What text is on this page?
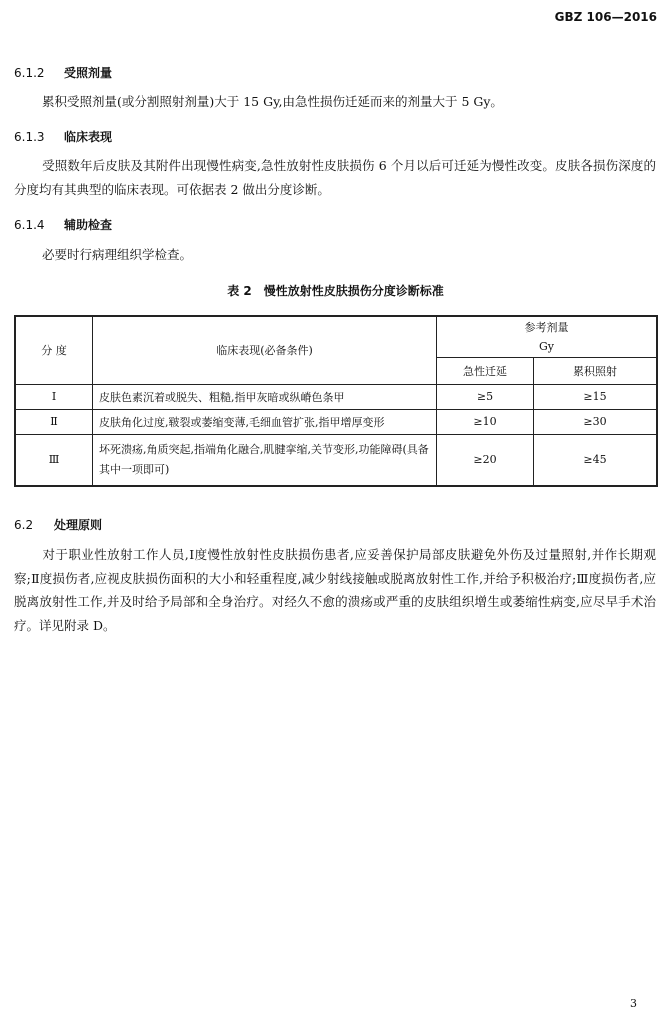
GBZ 106—2016
6.1.2 受照剂量
累积受照剂量(或分割照射剂量)大于 15 Gy,由急性损伤迁延而来的剂量大于 5 Gy。
6.1.3 临床表现
受照数年后皮肤及其附件出现慢性病变,急性放射性皮肤损伤 6 个月以后可迁延为慢性改变。皮肤各损伤深度的分度均有其典型的临床表现。可依据表 2 做出分度诊断。
6.1.4 辅助检查
必要时行病理组织学检查。
表 2　慢性放射性皮肤损伤分度诊断标准
分 度	临床表现(必备条件)	参考剂量
Gy	

		急性迁延	累积照射
Ⅰ	皮肤色素沉着或脱失、粗糙,指甲灰暗或纵嵴色条甲	≥5	≥15
Ⅱ	皮肤角化过度,皲裂或萎缩变薄,毛细血管扩张,指甲增厚变形	≥10	≥30
Ⅲ	坏死溃疡,角质突起,指端角化融合,肌腱挛缩,关节变形,功能障碍(具备其中一项即可)	≥20	≥45
6.2 处理原则
对于职业性放射工作人员,Ⅰ度慢性放射性皮肤损伤患者,应妥善保护局部皮肤避免外伤及过量照射,并作长期观察;Ⅱ度损伤者,应视皮肤损伤面积的大小和轻重程度,减少射线接触或脱离放射性工作,并给予积极治疗;Ⅲ度损伤者,应脱离放射性工作,并及时给予局部和全身治疗。对经久不愈的溃疡或严重的皮肤组织增生或萎缩性病变,应尽早手术治疗。详见附录 D。
3
